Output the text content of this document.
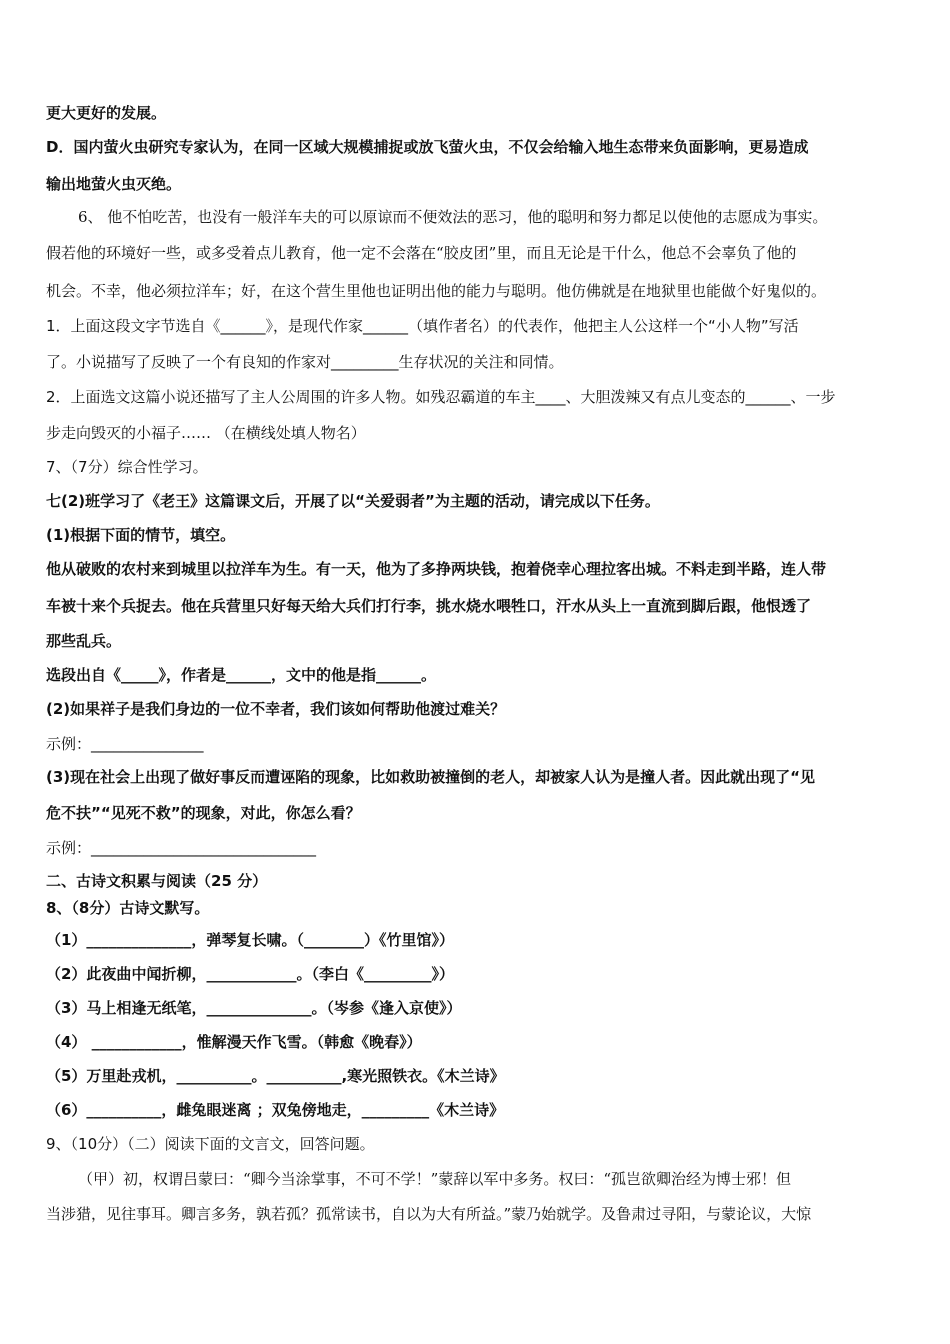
更大更好的发展。
D．国内萤火虫研究专家认为，在同一区域大规模捕捉或放飞萤火虫，不仅会给输入地生态带来负面影响，更易造成
输出地萤火虫灭绝。
6、 他不怕吃苦，也没有一般洋车夫的可以原谅而不便效法的恶习，他的聪明和努力都足以使他的志愿成为事实。
假若他的环境好一些，或多受着点儿教育，他一定不会落在“胶皮团”里，而且无论是干什么，他总不会辜负了他的
机会。不幸，他必须拉洋车；好，在这个营生里他也证明出他的能力与聪明。他仿佛就是在地狱里也能做个好鬼似的。
1．上面这段文字节选自《______》，是现代作家______（填作者名）的代表作，他把主人公这样一个“小人物”写活
了。小说描写了反映了一个有良知的作家对_________生存状况的关注和同情。
2．上面选文这篇小说还描写了主人公周围的许多人物。如残忍霸道的车主____、大胆泼辣又有点儿变态的______、一步
步走向毁灭的小福子…… （在横线处填人物名）
7、（7分）综合性学习。
七(2)班学习了《老王》这篇课文后，开展了以“关爱弱者”为主题的活动，请完成以下任务。
(1)根据下面的情节，填空。
他从破败的农村来到城里以拉洋车为生。有一天，他为了多挣两块钱，抱着侥幸心理拉客出城。不料走到半路，连人带
车被十来个兵捉去。他在兵营里只好每天给大兵们打行李，挑水烧水喂牲口，汗水从头上一直流到脚后跟，他恨透了
那些乱兵。
选段出自《_____》，作者是______，文中的他是指______。
(2)如果祥子是我们身边的一位不幸者，我们该如何帮助他渡过难关？
示例：_______________
(3)现在社会上出现了做好事反而遭诬陷的现象，比如救助被撞倒的老人，却被家人认为是撞人者。因此就出现了“见
危不扶”“见死不救”的现象，对此，你怎么看？
示例：______________________________
二、古诗文积累与阅读（25 分）
8、（8分）古诗文默写。
（1）______________，弹琴复长啸。（________）《竹里馆》）
（2）此夜曲中闻折柳，____________。（李白《_________》）
（3）马上相逢无纸笔，______________。（岑参《逢入京使》）
（4） ____________，惟解漫天作飞雪。（韩愈《晚春》）
（5）万里赴戎机，__________。__________,寒光照铁衣。《木兰诗》
（6）__________，雌兔眼迷离 ；双兔傍地走，_________《木兰诗》
9、（10分）（二）阅读下面的文言文，回答问题。
（甲）初，权谓吕蒙曰：“卿今当涂掌事，不可不学！”蒙辞以军中多务。权曰：“孤岂欲卿治经为博士邪！但
当涉猎，见往事耳。卿言多务，孰若孤？孤常读书，自以为大有所益。”蒙乃始就学。及鲁肃过寻阳，与蒙论议，大惊
